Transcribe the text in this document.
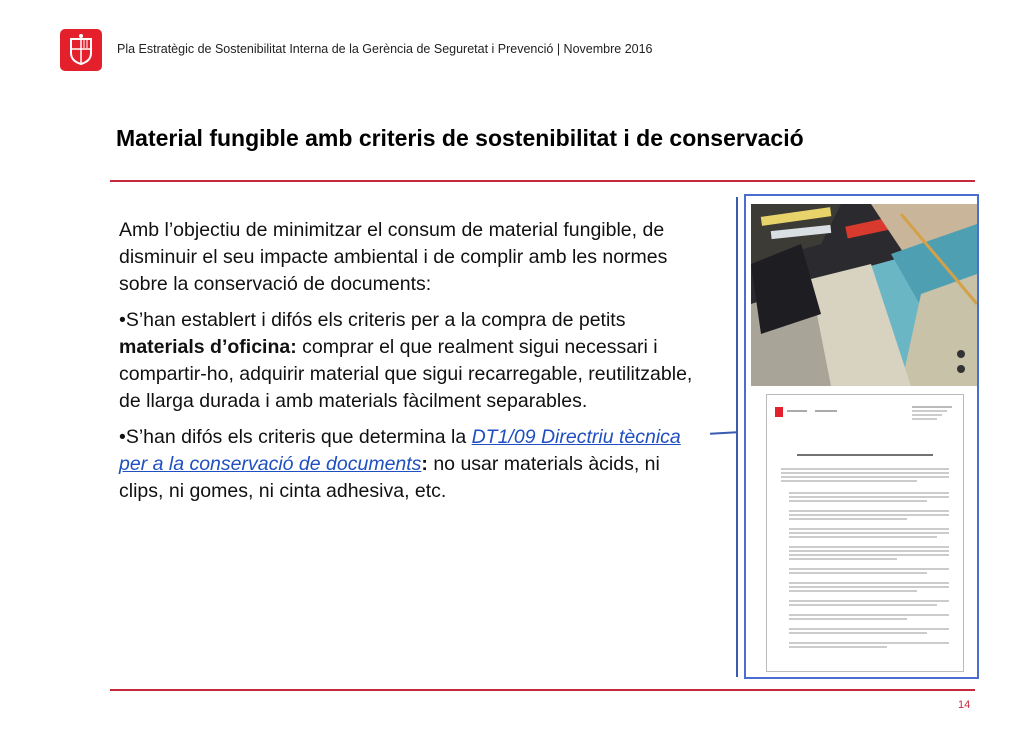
Pla Estratègic de Sostenibilitat Interna de la Gerència de Seguretat i Prevenció | Novembre 2016
Material fungible amb criteris de sostenibilitat i de conservació

Amb l’objectiu de minimitzar el consum de material fungible, de disminuir el seu impacte ambiental i de complir amb les normes sobre la conservació de documents:

•S’han establert i difós els criteris per a la compra de petits materials d’oficina: comprar el que realment sigui necessari i compartir-ho, adquirir material que sigui recarregable, reutilitzable, de llarga durada i amb materials fàcilment separables.

•S’han difós els criteris que determina la DT1/09 Directriu tècnica per a la conservació de documents: no usar materials àcids, ni clips, ni gomes, ni cinta adhesiva, etc.

14
